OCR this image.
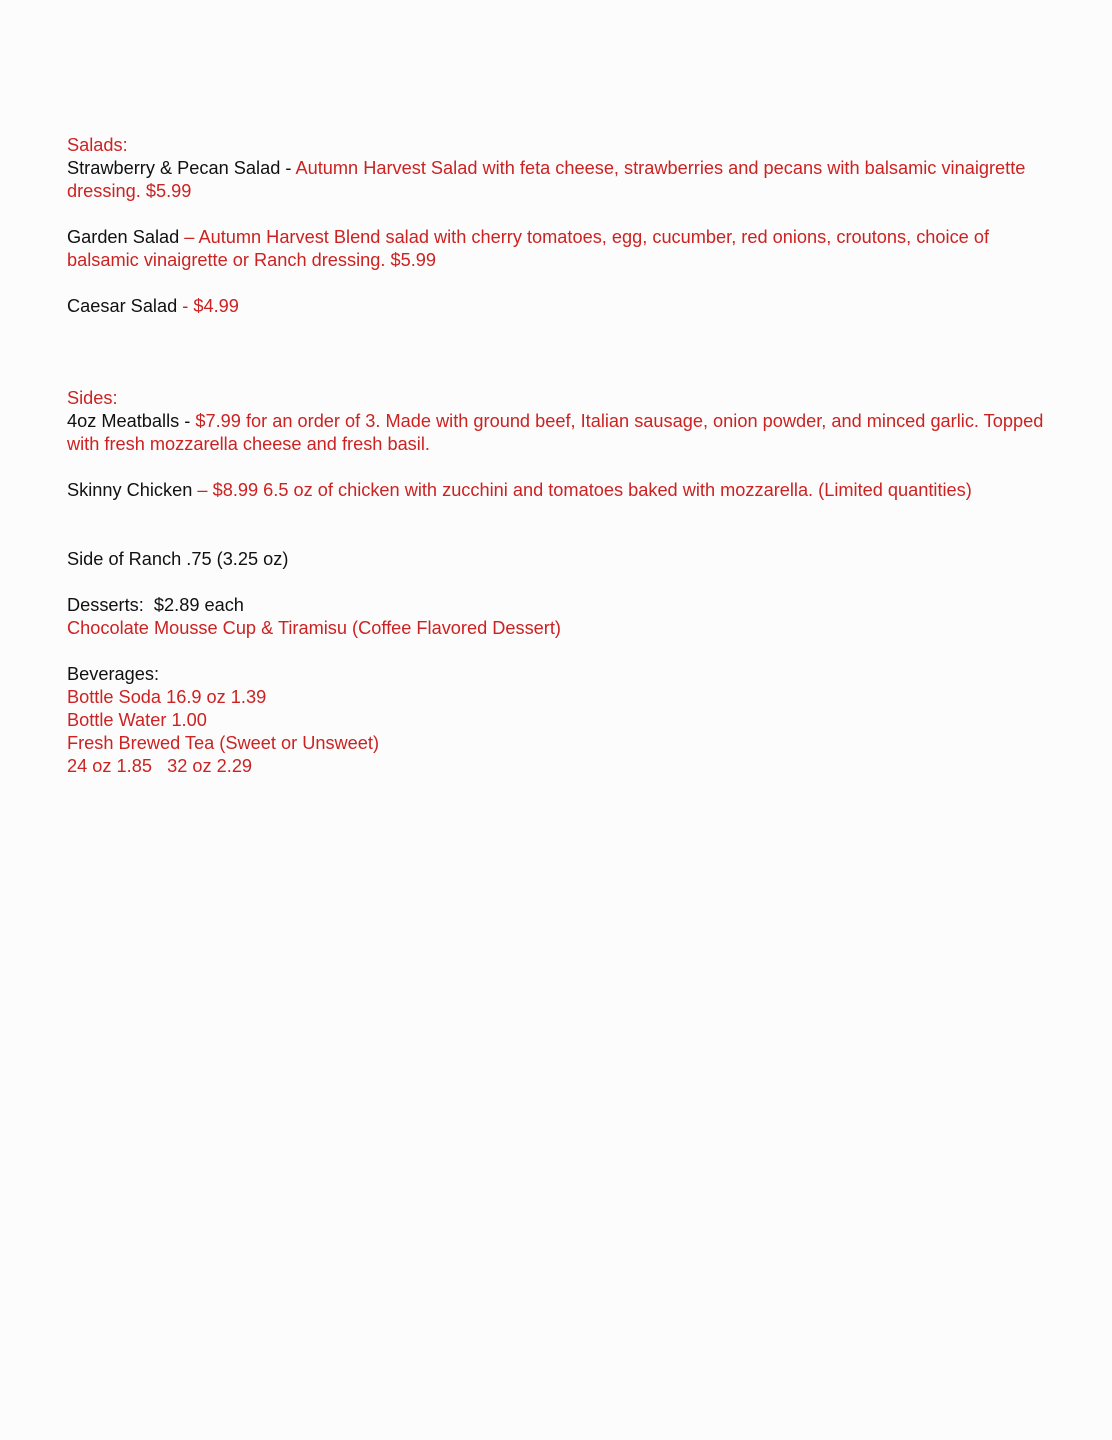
Salads:

Strawberry & Pecan Salad - Autumn Harvest Salad with feta cheese, strawberries and pecans with balsamic vinaigrette dressing. $5.99

Garden Salad – Autumn Harvest Blend salad with cherry tomatoes, egg, cucumber, red onions, croutons, choice of balsamic vinaigrette or Ranch dressing. $5.99

Caesar Salad - $4.99

Sides:

4oz Meatballs - $7.99 for an order of 3. Made with ground beef, Italian sausage, onion powder, and minced garlic. Topped with fresh mozzarella cheese and fresh basil.

Skinny Chicken – $8.99 6.5 oz of chicken with zucchini and tomatoes baked with mozzarella. (Limited quantities)

Side of Ranch .75 (3.25 oz)

Desserts:  $2.89 each

Chocolate Mousse Cup & Tiramisu (Coffee Flavored Dessert)

Beverages:

Bottle Soda 16.9 oz 1.39

Bottle Water 1.00

Fresh Brewed Tea (Sweet or Unsweet)

24 oz 1.85   32 oz 2.29
